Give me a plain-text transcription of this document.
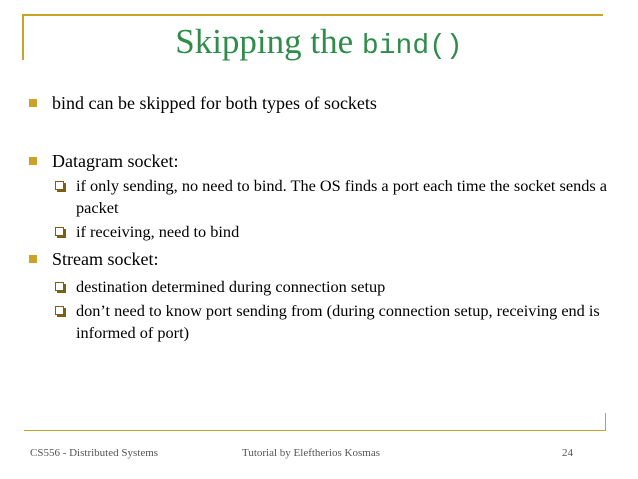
Skipping the bind()
bind can be skipped for both types of sockets
Datagram socket:
if only sending, no need to bind. The OS finds a port each time the socket sends a packet
if receiving, need to bind
Stream socket:
destination determined during connection setup
don’t need to know port sending from (during connection setup, receiving end is informed of port)
CS556 - Distributed Systems	Tutorial by Eleftherios Kosmas	24
